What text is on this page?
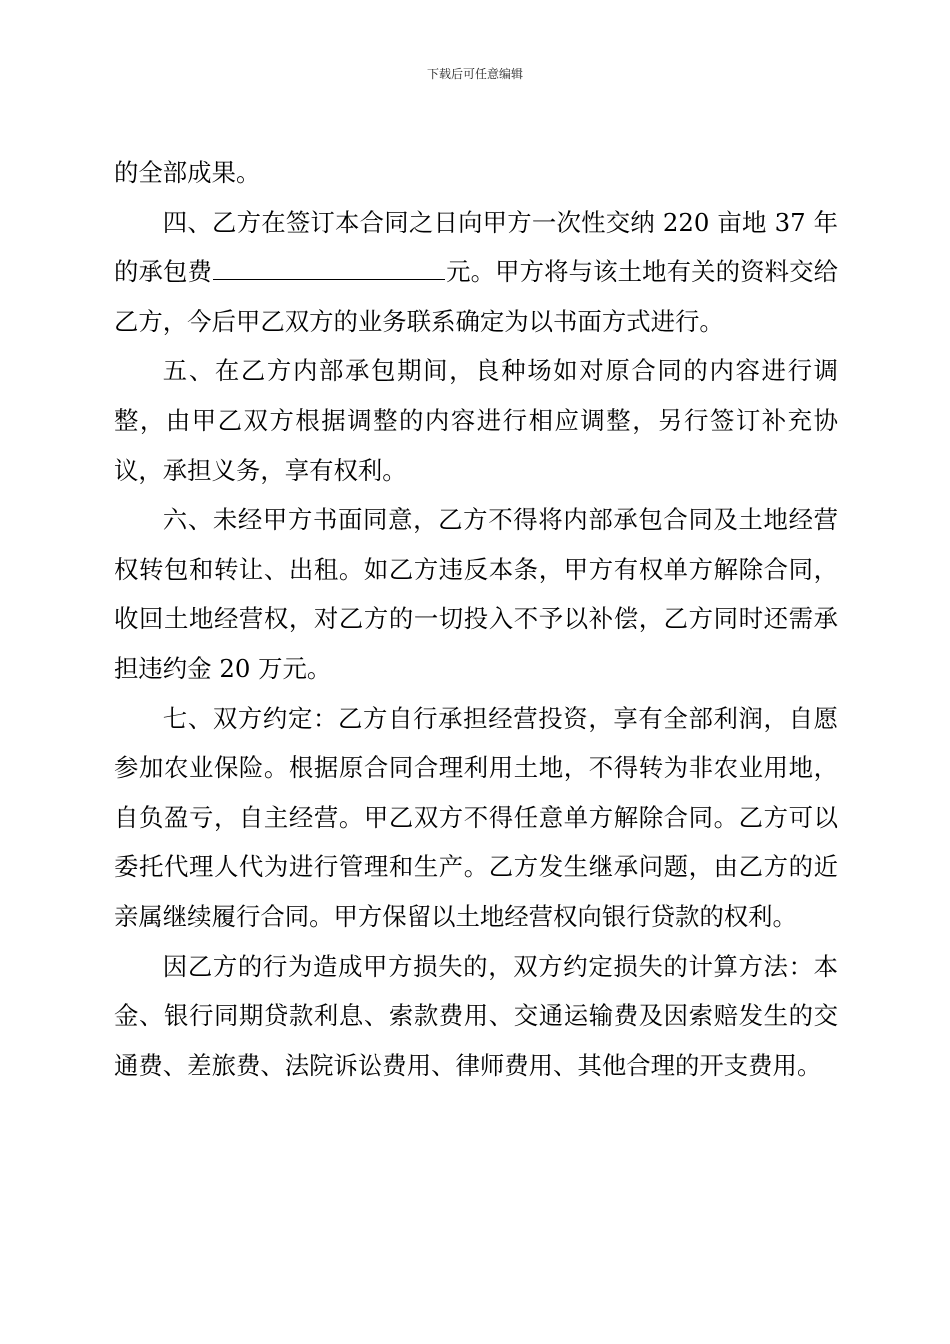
下载后可任意编辑

的全部成果。

四、乙方在签订本合同之日向甲方一次性交纳 220 亩地 37 年的承包费	元。甲方将与该土地有关的资料交给乙方，今后甲乙双方的业务联系确定为以书面方式进行。

五、在乙方内部承包期间，良种场如对原合同的内容进行调整，由甲乙双方根据调整的内容进行相应调整，另行签订补充协议，承担义务，享有权利。

六、未经甲方书面同意，乙方不得将内部承包合同及土地经营权转包和转让、出租。如乙方违反本条，甲方有权单方解除合同，收回土地经营权，对乙方的一切投入不予以补偿，乙方同时还需承担违约金 20 万元。

七、双方约定：乙方自行承担经营投资，享有全部利润，自愿参加农业保险。根据原合同合理利用土地，不得转为非农业用地，自负盈亏，自主经营。甲乙双方不得任意单方解除合同。乙方可以委托代理人代为进行管理和生产。乙方发生继承问题，由乙方的近亲属继续履行合同。甲方保留以土地经营权向银行贷款的权利。

因乙方的行为造成甲方损失的，双方约定损失的计算方法：本金、银行同期贷款利息、索款费用、交通运输费及因索赔发生的交通费、差旅费、法院诉讼费用、律师费用、其他合理的开支费用。
